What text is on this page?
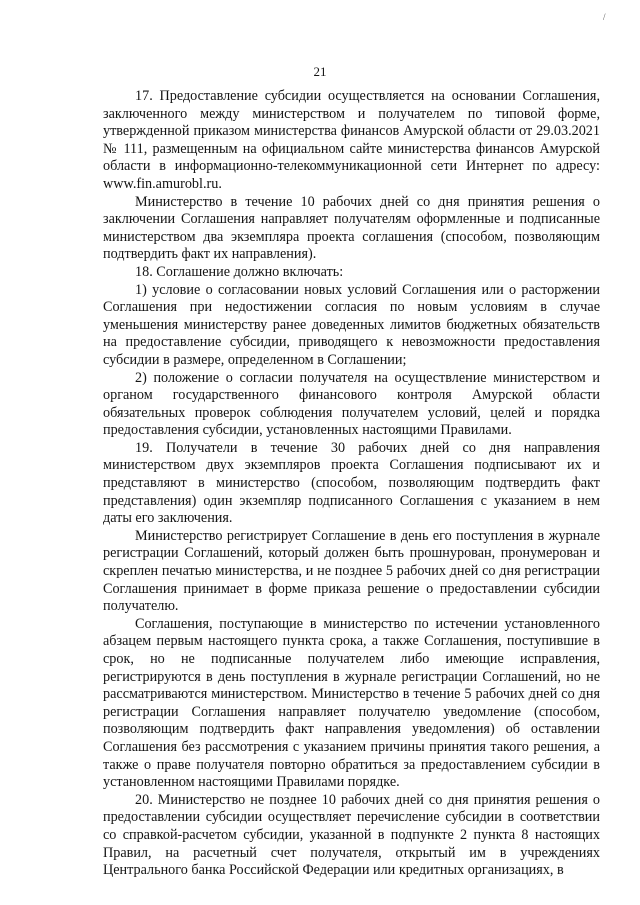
/
21

17. Предоставление субсидии осуществляется на основании Соглашения, заключенного между министерством и получателем по типовой форме, утвержденной приказом министерства финансов Амурской области от 29.03.2021 № 111, размещенным на официальном сайте министерства финансов Амурской области в информационно-телекоммуникационной сети Интернет по адресу: www.fin.amurobl.ru.

Министерство в течение 10 рабочих дней со дня принятия решения о заключении Соглашения направляет получателям оформленные и подписанные министерством два экземпляра проекта соглашения (способом, позволяющим подтвердить факт их направления).

18. Соглашение должно включать:

1) условие о согласовании новых условий Соглашения или о расторжении Соглашения при недостижении согласия по новым условиям в случае уменьшения министерству ранее доведенных лимитов бюджетных обязательств на предоставление субсидии, приводящего к невозможности предоставления субсидии в размере, определенном в Соглашении;

2) положение о согласии получателя на осуществление министерством и органом государственного финансового контроля Амурской области обязательных проверок соблюдения получателем условий, целей и порядка предоставления субсидии, установленных настоящими Правилами.

19. Получатели в течение 30 рабочих дней со дня направления министерством двух экземпляров проекта Соглашения подписывают их и представляют в министерство (способом, позволяющим подтвердить факт представления) один экземпляр подписанного Соглашения с указанием в нем даты его заключения.

Министерство регистрирует Соглашение в день его поступления в журнале регистрации Соглашений, который должен быть прошнурован, пронумерован и скреплен печатью министерства, и не позднее 5 рабочих дней со дня регистрации Соглашения принимает в форме приказа решение о предоставлении субсидии получателю.

Соглашения, поступающие в министерство по истечении установленного абзацем первым настоящего пункта срока, а также Соглашения, поступившие в срок, но не подписанные получателем либо имеющие исправления, регистрируются в день поступления в журнале регистрации Соглашений, но не рассматриваются министерством. Министерство в течение 5 рабочих дней со дня регистрации Соглашения направляет получателю уведомление (способом, позволяющим подтвердить факт направления уведомления) об оставлении Соглашения без рассмотрения с указанием причины принятия такого решения, а также о праве получателя повторно обратиться за предоставлением субсидии в установленном настоящими Правилами порядке.

20. Министерство не позднее 10 рабочих дней со дня принятия решения о предоставлении субсидии осуществляет перечисление субсидии в соответствии со справкой-расчетом субсидии, указанной в подпункте 2 пункта 8 настоящих Правил, на расчетный счет получателя, открытый им в учреждениях Центрального банка Российской Федерации или кредитных организациях, в
